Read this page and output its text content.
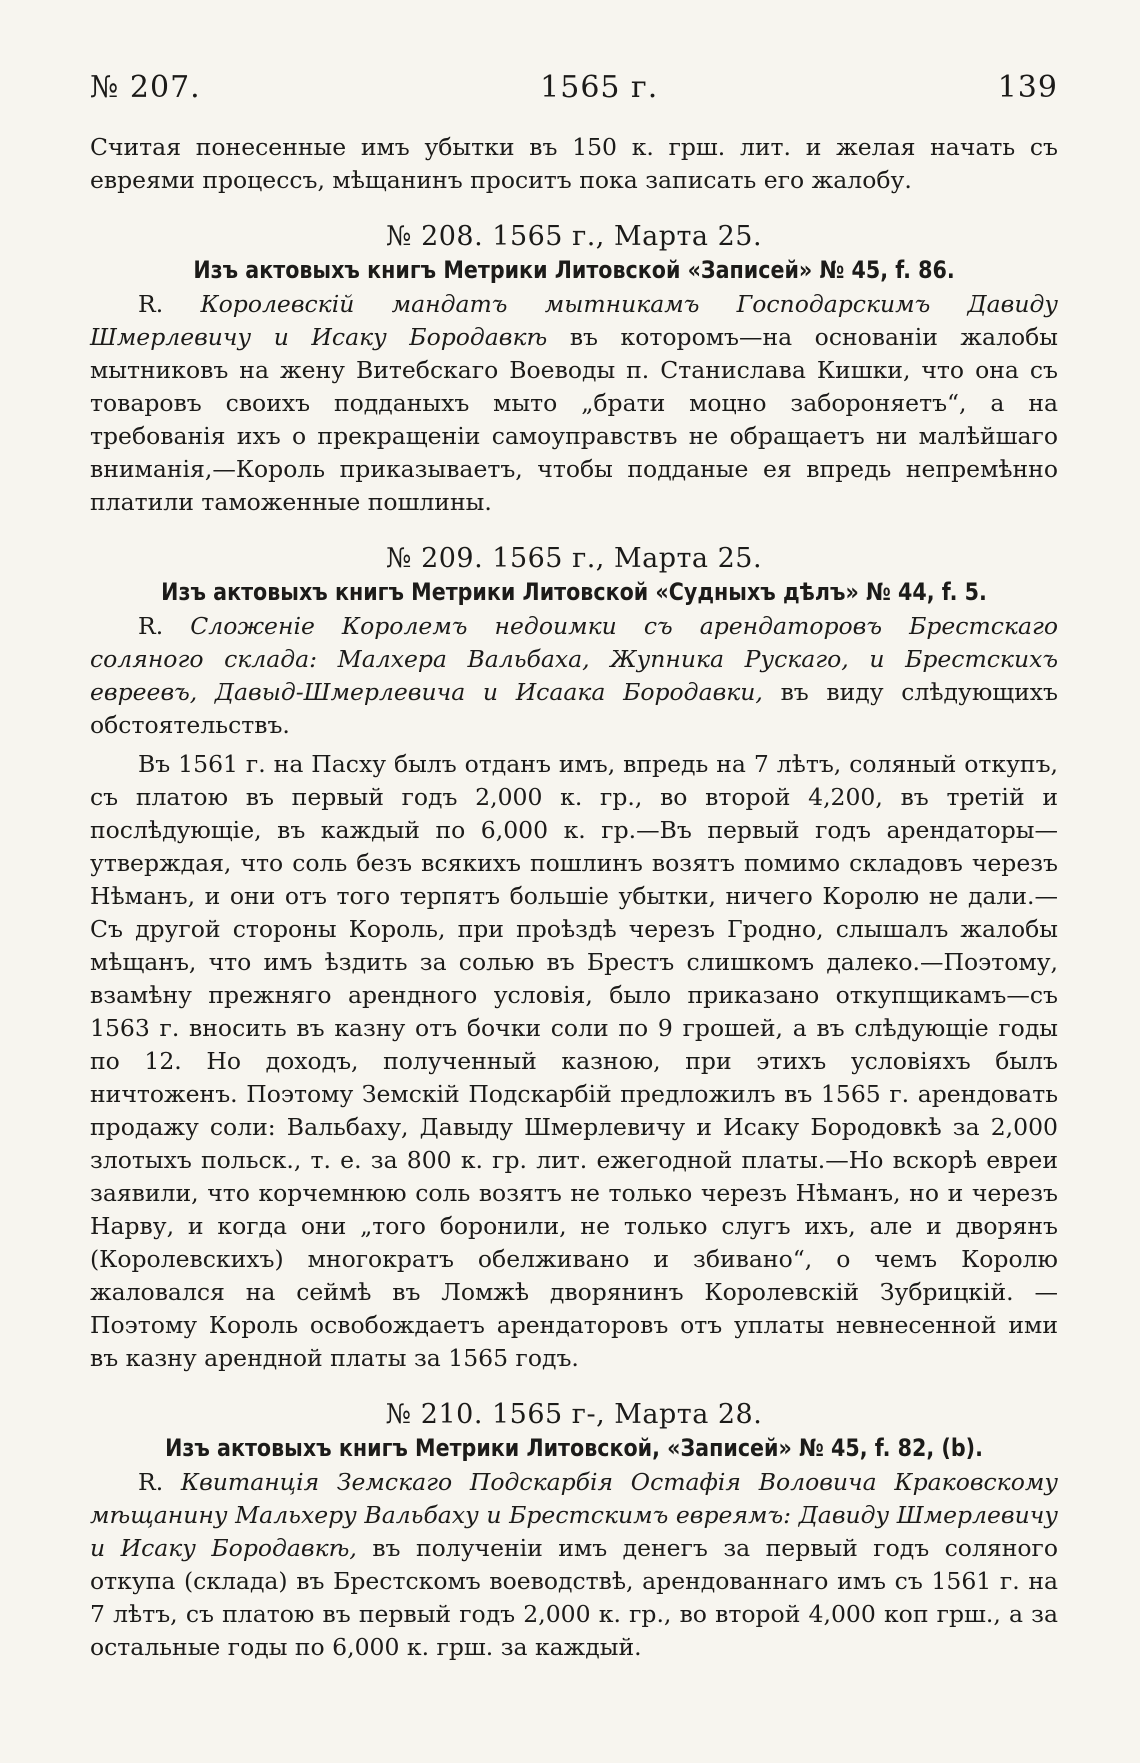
№ 207.	1565 г.	139

Считая понесенные имъ убытки въ 150 к. грш. лит. и желая начать съ евреями процессъ, мѣщанинъ проситъ пока записать его жалобу.

№ 208. 1565 г., Марта 25.
Изъ актовыхъ книгъ Метрики Литовской «Записей» № 45, f. 86.

R. Королевскій мандатъ мытникамъ Господарскимъ Давиду Шмерлевичу и Исаку Бородавкѣ въ которомъ—на основаніи жалобы мытниковъ на жену Витебскаго Воеводы п. Станислава Кишки, что она съ товаровъ своихъ подданыхъ мыто „брати моцно забороняетъ“, а на требованія ихъ о прекращеніи самоуправствъ не обращаетъ ни малѣйшаго вниманія,—Король приказываетъ, чтобы подданые ея впредь непремѣнно платили таможенные пошлины.

№ 209. 1565 г., Марта 25.
Изъ актовыхъ книгъ Метрики Литовской «Судныхъ дѣлъ» № 44, f. 5.

R. Сложеніе Королемъ недоимки съ арендаторовъ Брестскаго соляного склада: Малхера Вальбаха, Жупника Рускаго, и Брестскихъ евреевъ, Давыд-Шмерлевича и Исаака Бородавки, въ виду слѣдующихъ обстоятельствъ.

Въ 1561 г. на Пасху былъ отданъ имъ, впредь на 7 лѣтъ, соляный откупъ, съ платою въ первый годъ 2,000 к. гр., во второй 4,200, въ третій и послѣдующіе, въ каждый по 6,000 к. гр.—Въ первый годъ арендаторы—утверждая, что соль безъ всякихъ пошлинъ возятъ помимо складовъ черезъ Нѣманъ, и они отъ того терпятъ большіе убытки, ничего Королю не дали.—Съ другой стороны Король, при проѣздѣ черезъ Гродно, слышалъ жалобы мѣщанъ, что имъ ѣздить за солью въ Брестъ слишкомъ далеко.—Поэтому, взамѣну прежняго арендного условія, было приказано откупщикамъ—съ 1563 г. вносить въ казну отъ бочки соли по 9 грошей, а въ слѣдующіе годы по 12. Но доходъ, полученный казною, при этихъ условіяхъ былъ ничтоженъ. Поэтому Земскій Подскарбій предложилъ въ 1565 г. арендовать продажу соли: Вальбаху, Давыду Шмерлевичу и Исаку Бородовкѣ за 2,000 злотыхъ польск., т. е. за 800 к. гр. лит. ежегодной платы.—Но вскорѣ евреи заявили, что корчемнюю соль возятъ не только черезъ Нѣманъ, но и черезъ Нарву, и когда они „того боронили, не только слугъ ихъ, але и дворянъ (Королевскихъ) многократъ обелживано и збивано“, о чемъ Королю жаловался на сеймѣ въ Ломжѣ дворянинъ Королевскій Зубрицкій. — Поэтому Король освобождаетъ арендаторовъ отъ уплаты невнесенной ими въ казну арендной платы за 1565 годъ.

№ 210. 1565 г-, Марта 28.
Изъ актовыхъ книгъ Метрики Литовской, «Записей» № 45, f. 82, (b).

R. Квитанція Земскаго Подскарбія Остафія Воловича Краковскому мѣщанину Мальхеру Вальбаху и Брестскимъ евреямъ: Давиду Шмерлевичу и Исаку Бородавкѣ, въ полученіи имъ денегъ за первый годъ соляного откупа (склада) въ Брестскомъ воеводствѣ, арендованнаго имъ съ 1561 г. на 7 лѣтъ, съ платою въ первый годъ 2,000 к. гр., во второй 4,000 коп грш., а за остальные годы по 6,000 к. грш. за каждый.
